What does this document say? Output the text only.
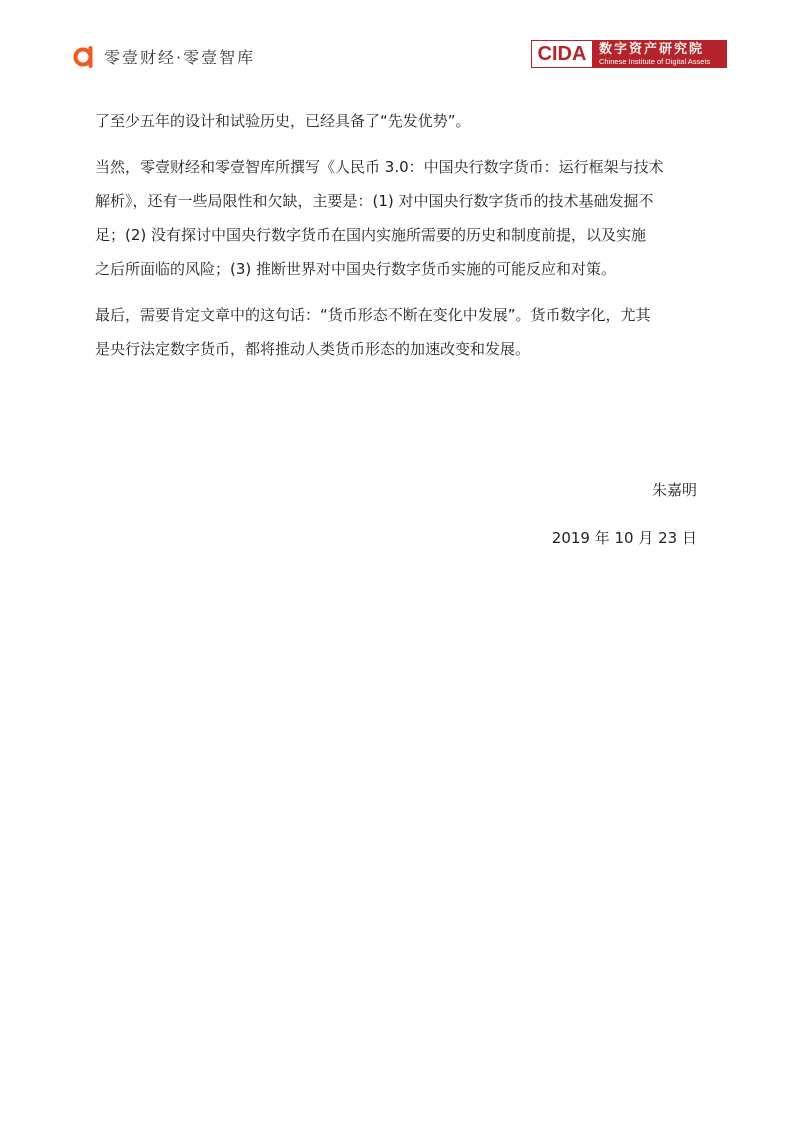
零壹财经·零壹智库	CIDA 数字资产研究院
Chinese Institute of Digital Assets

了至少五年的设计和试验历史，已经具备了“先发优势”。

当然，零壹财经和零壹智库所撰写《人民币 3.0：中国央行数字货币：运行框架与技术
解析》，还有一些局限性和欠缺，主要是：(1) 对中国央行数字货币的技术基础发掘不
足；(2) 没有探讨中国央行数字货币在国内实施所需要的历史和制度前提，以及实施
之后所面临的风险；(3) 推断世界对中国央行数字货币实施的可能反应和对策。

最后，需要肯定文章中的这句话：“货币形态不断在变化中发展”。货币数字化，尤其
是央行法定数字货币，都将推动人类货币形态的加速改变和发展。

朱嘉明
2019 年 10 月 23 日
